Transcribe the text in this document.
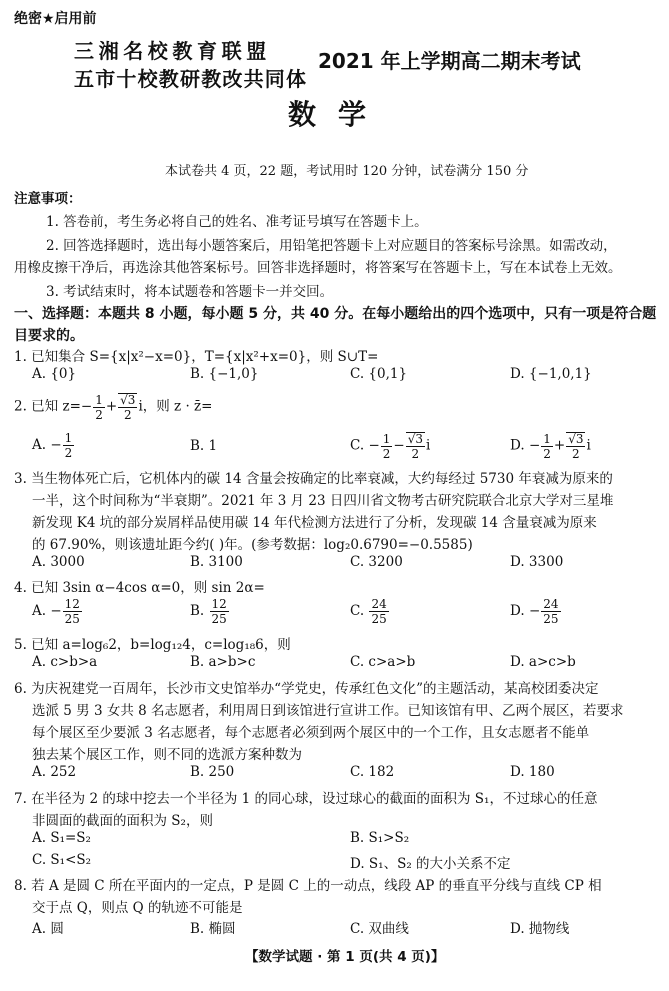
绝密★启用前
三湘名校教育联盟
五市十校教研教改共同体
2021 年上学期高二期末考试
数学
本试卷共 4 页，22 题，考试用时 120 分钟，试卷满分 150 分
注意事项：
1. 答卷前，考生务必将自己的姓名、准考证号填写在答题卡上。
2. 回答选择题时，选出每小题答案后，用铅笔把答题卡上对应题目的答案标号涂黑。如需改动，
用橡皮擦干净后，再选涂其他答案标号。回答非选择题时，将答案写在答题卡上，写在本试卷上无效。
3. 考试结束时，将本试题卷和答题卡一并交回。
一、选择题：本题共 8 小题，每小题 5 分，共 40 分。在每小题给出的四个选项中，只有一项是符合题
目要求的。
1. 已知集合 S={x|x²−x=0}，T={x|x²+x=0}，则 S∪T=
A. {0}	B. {−1,0}	C. {0,1}	D. {−1,0,1}
2. 已知 $z=- \frac{1}{2} + \frac{√3}{2}$ i，则 z · z̄=
A. − $\frac{1}{2}$	B. 1	C. − $\frac{1}{2} - \frac{√3}{2}$ i	D. − $\frac{1}{2} + \frac{√3}{2}$ i
3. 当生物体死亡后，它机体内的碳 14 含量会按确定的比率衰减，大约每经过 5730 年衰减为原来的
一半，这个时间称为“半衰期”。2021 年 3 月 23 日四川省文物考古研究院联合北京大学对三星堆
新发现 K4 坑的部分炭屑样品使用碳 14 年代检测方法进行了分析，发现碳 14 含量衰减为原来
的 67.90%，则该遗址距今约( )年。(参考数据：log₂0.6790=−0.5585)
A. 3000	B. 3100	C. 3200	D. 3300
4. 已知 3sin α−4cos α=0，则 sin 2α=
A. − $\frac{12}{25}$	B. $\frac{12}{25}$	C. $\frac{24}{25}$	D. − $\frac{24}{25}$
5. 已知 a=log₆2，b=log₁₂4，c=log₁₈6，则
A. c>b>a	B. a>b>c	C. c>a>b	D. a>c>b
6. 为庆祝建党一百周年，长沙市文史馆举办“学党史，传承红色文化”的主题活动，某高校团委决定
选派 5 男 3 女共 8 名志愿者，利用周日到该馆进行宣讲工作。已知该馆有甲、乙两个展区，若要求
每个展区至少要派 3 名志愿者，每个志愿者必须到两个展区中的一个工作，且女志愿者不能单
独去某个展区工作，则不同的选派方案种数为
A. 252	B. 250	C. 182	D. 180
7. 在半径为 2 的球中挖去一个半径为 1 的同心球，设过球心的截面的面积为 S₁，不过球心的任意
非圆面的截面的面积为 S₂，则
A. S₁=S₂	B. S₁>S₂
C. S₁<S₂	D. S₁、S₂ 的大小关系不定
8. 若 A 是圆 C 所在平面内的一定点，P 是圆 C 上的一动点，线段 AP 的垂直平分线与直线 CP 相
交于点 Q，则点 Q 的轨迹不可能是
A. 圆	B. 椭圆	C. 双曲线	D. 抛物线
【数学试题 · 第 1 页(共 4 页)】
